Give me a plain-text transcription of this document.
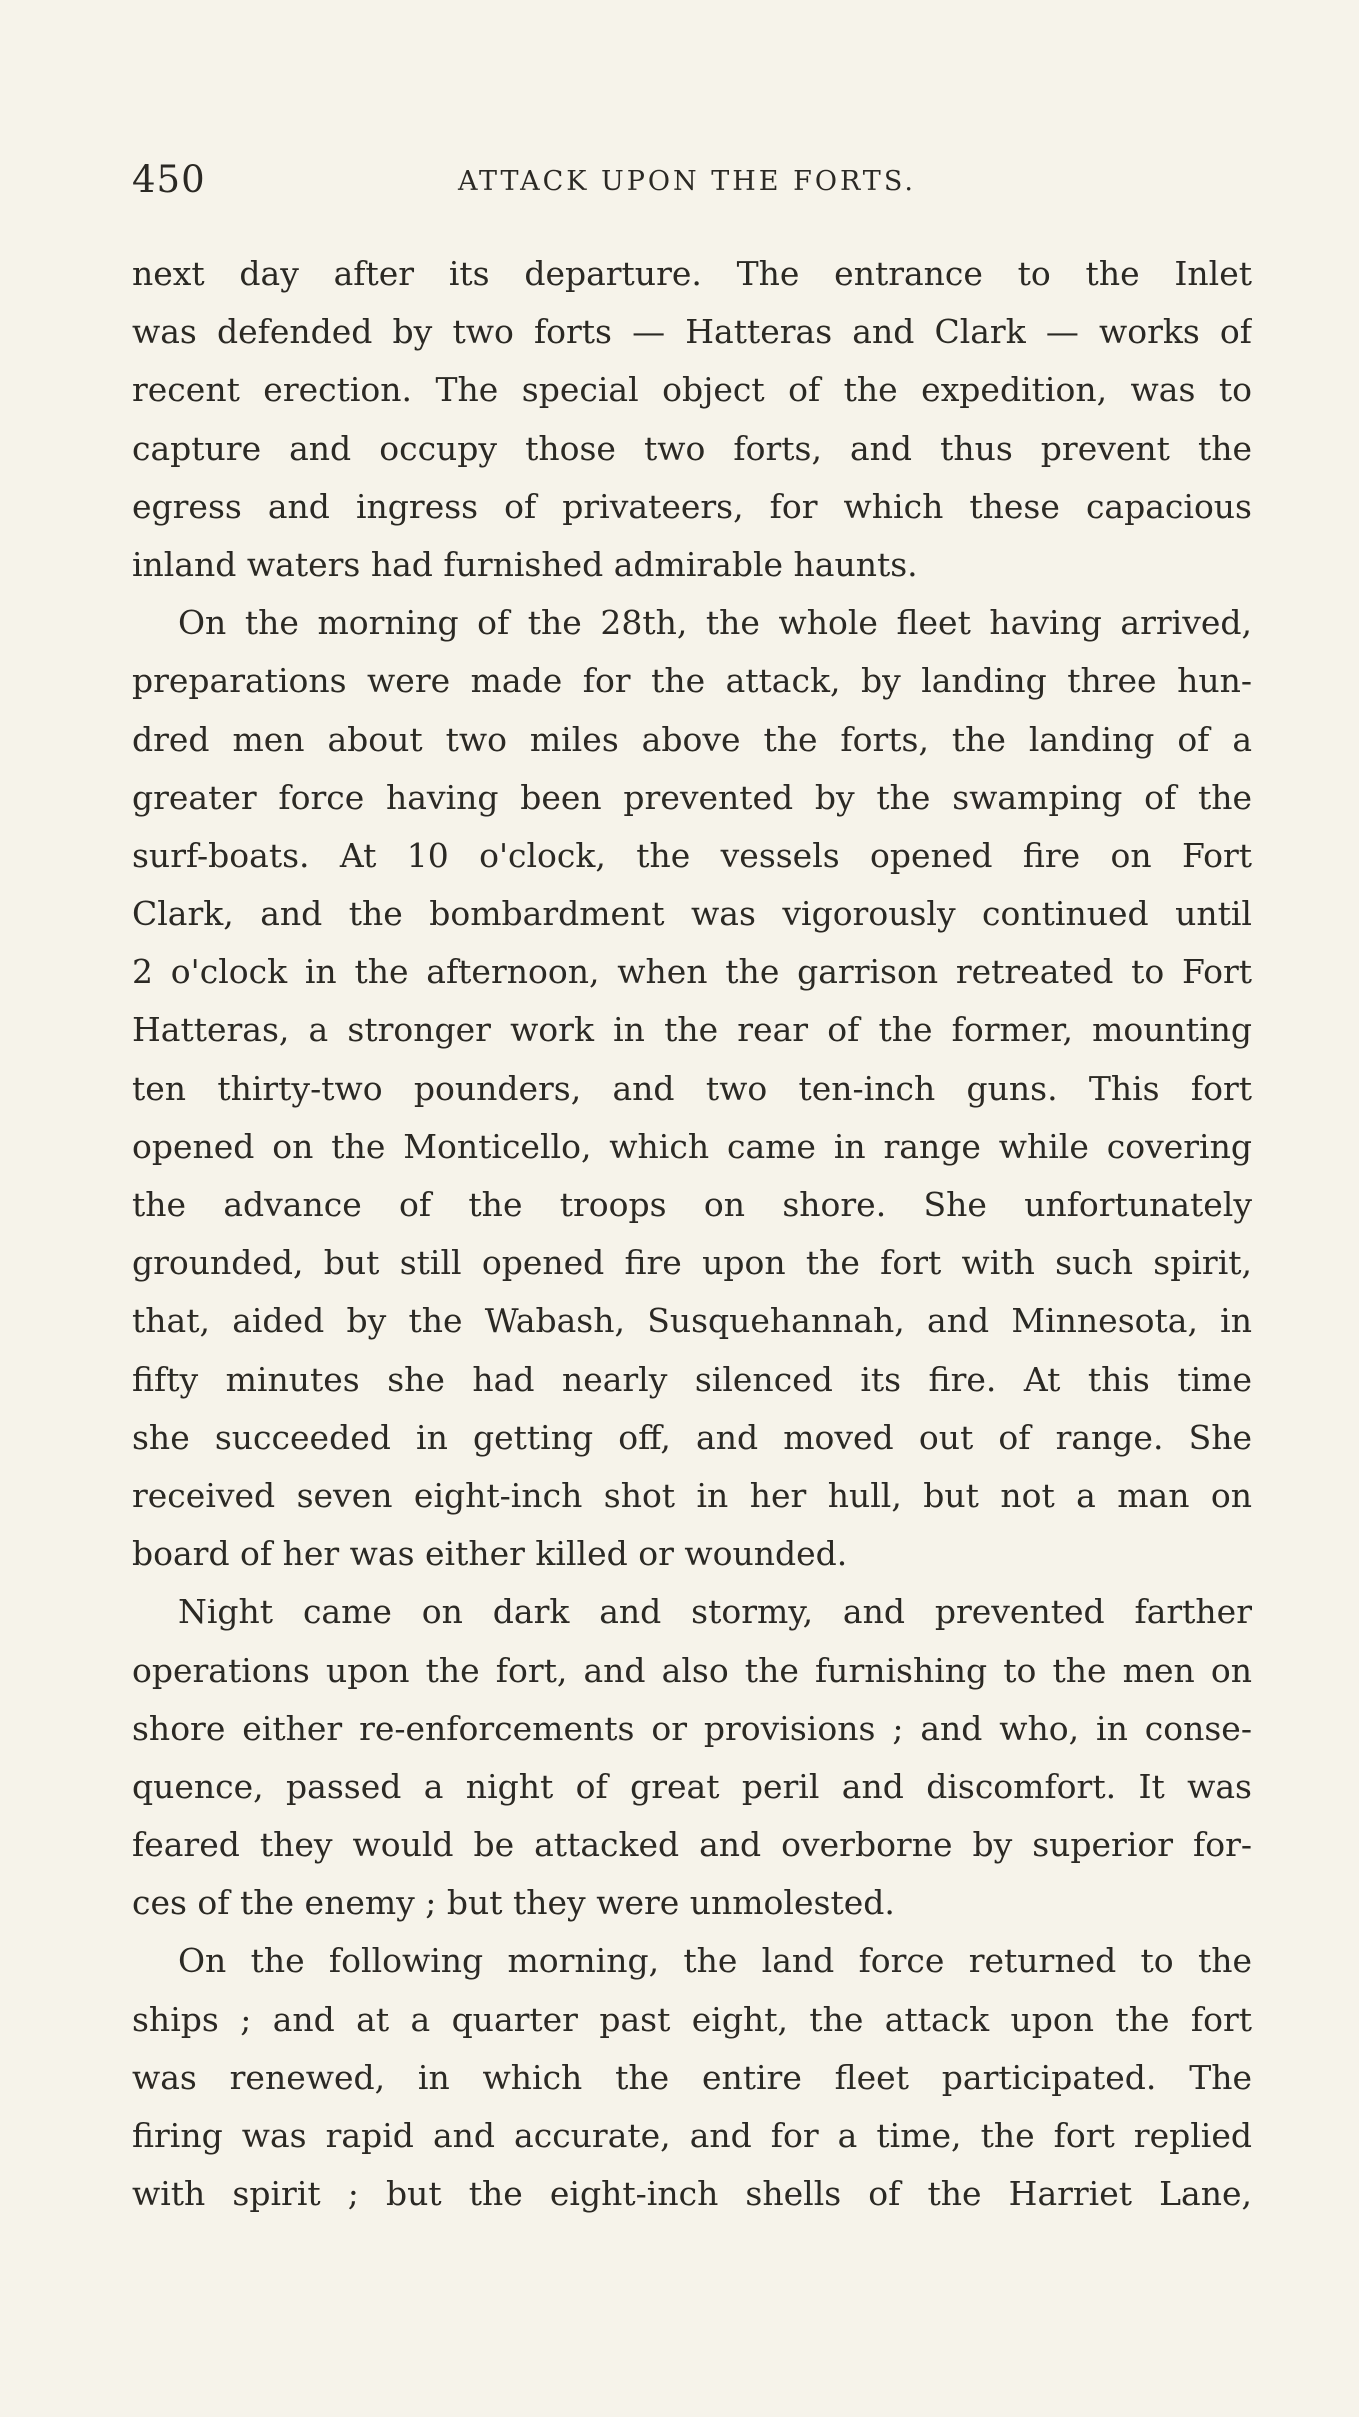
450	ATTACK UPON THE FORTS.

next day after its departure. The entrance to the Inlet
was defended by two forts — Hatteras and Clark — works of
recent erection. The special object of the expedition, was to
capture and occupy those two forts, and thus prevent the
egress and ingress of privateers, for which these capacious
inland waters had furnished admirable haunts.

On the morning of the 28th, the whole fleet having arrived,
preparations were made for the attack, by landing three hun-
dred men about two miles above the forts, the landing of a
greater force having been prevented by the swamping of the
surf-boats. At 10 o'clock, the vessels opened fire on Fort
Clark, and the bombardment was vigorously continued until
2 o'clock in the afternoon, when the garrison retreated to Fort
Hatteras, a stronger work in the rear of the former, mounting
ten thirty-two pounders, and two ten-inch guns. This fort
opened on the Monticello, which came in range while covering
the advance of the troops on shore. She unfortunately
grounded, but still opened fire upon the fort with such spirit,
that, aided by the Wabash, Susquehannah, and Minnesota, in
fifty minutes she had nearly silenced its fire. At this time
she succeeded in getting off, and moved out of range. She
received seven eight-inch shot in her hull, but not a man on
board of her was either killed or wounded.

Night came on dark and stormy, and prevented farther
operations upon the fort, and also the furnishing to the men on
shore either re-enforcements or provisions ; and who, in conse-
quence, passed a night of great peril and discomfort. It was
feared they would be attacked and overborne by superior for-
ces of the enemy ; but they were unmolested.

On the following morning, the land force returned to the
ships ; and at a quarter past eight, the attack upon the fort
was renewed, in which the entire fleet participated. The
firing was rapid and accurate, and for a time, the fort replied
with spirit ; but the eight-inch shells of the Harriet Lane,
